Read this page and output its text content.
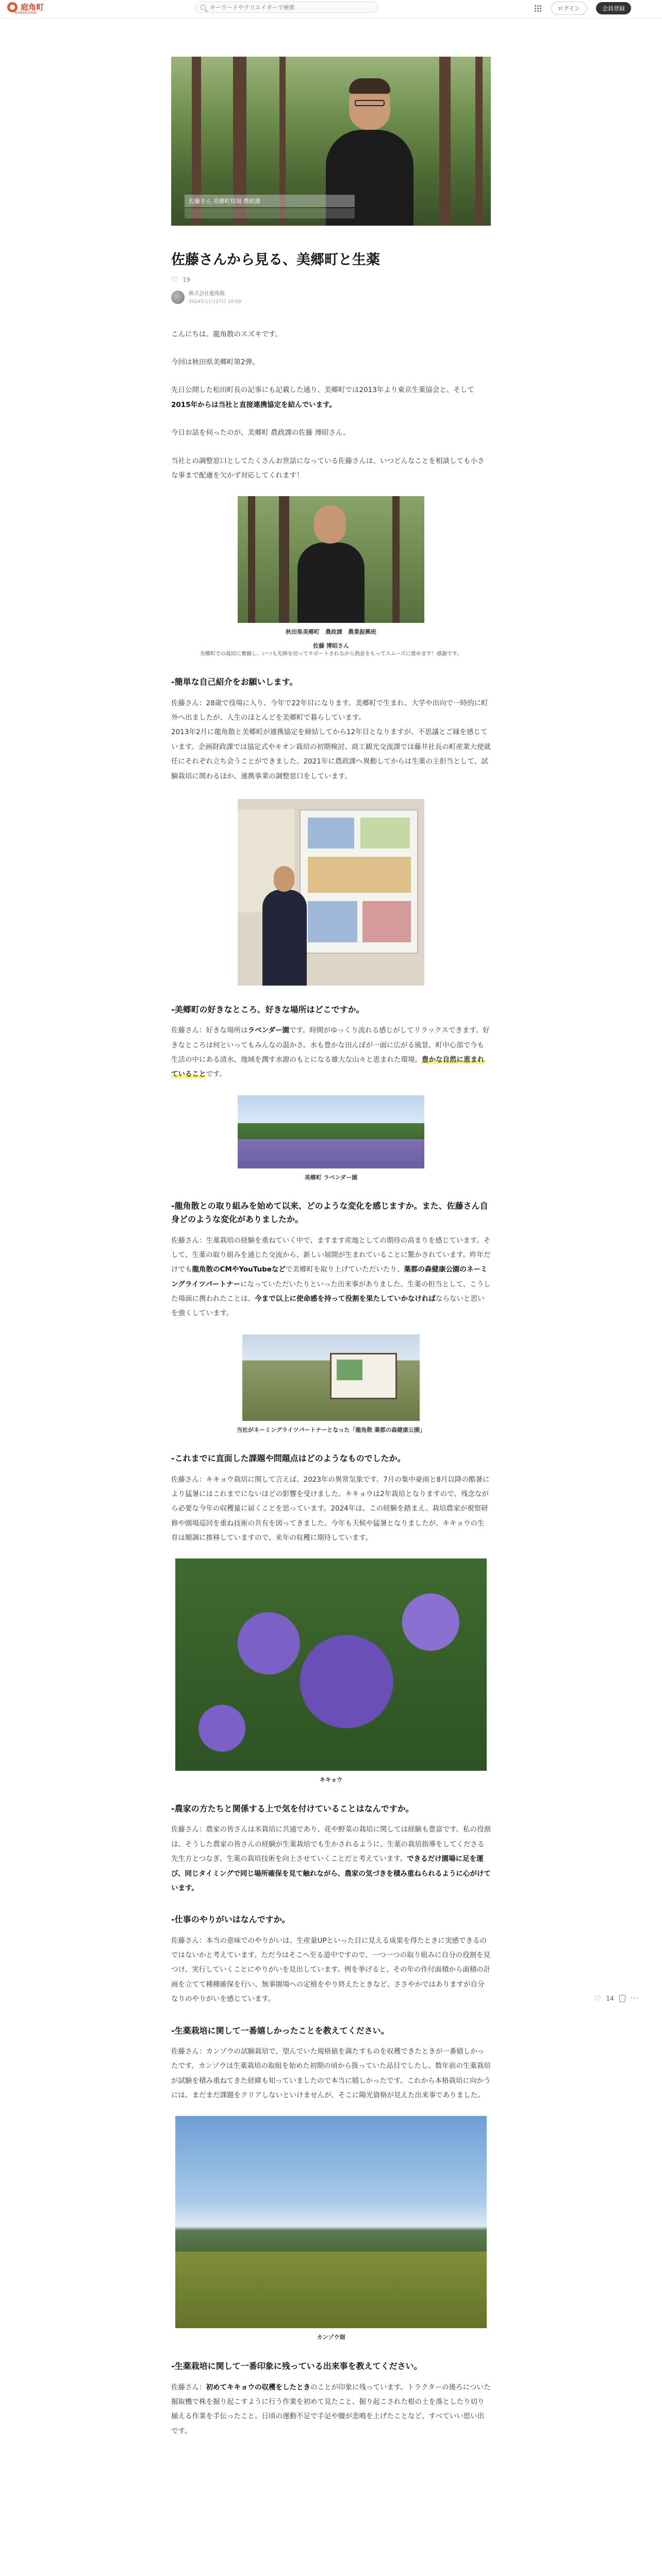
庭角町
NIWAKUMA
キーワードやクリエイターで検索
ログイン	会員登録
佐藤さん 美郷町役場 農政課
佐藤さんから見る、美郷町と生薬
♡ 19
株式会社龍角散
2024年11月27日 10:00

こんにちは。龍角散のスズキです。

今回は秋田県美郷町第2弾。

先日公開した松田町長の記事にも記載した通り、美郷町では2013年より東京生薬協会と、そして2015年からは当社と直接連携協定を結んでいます。

今日お話を伺ったのが、美郷町 農政課の佐藤 博昭さん。

当社との調整窓口としてたくさんお世話になっている佐藤さんは、いつどんなことを相談しても小さな事まで配慮を欠かず対応してくれます！

秋田県美郷町　農政課　農業振興班
佐藤 博昭さん
美郷町での栽培に奮闘し、いつも先陣を切ってサポートされながら熱意をもってスムーズに進めます！感謝です。
-簡単な自己紹介をお願いします。

佐藤さん：28歳で役場に入り、今年で22年目になります。美郷町で生まれ、大学や出向で一時的に町外へ出ましたが、人生のほとんどを美郷町で暮らしています。

2013年2月に龍角散と美郷町が連携協定を締結してから12年目となりますが、不思議とご縁を感じています。企画財政課では協定式やキオン栽培の初期検討、商工観光交流課では藤井社長の町産業大使就任にそれぞれ立ち会うことができました。2021年に農政課へ異動してからは生薬の主担当として、試験栽培に関わるほか、連携事業の調整窓口をしています。

-美郷町の好きなところ、好きな場所はどこですか。

佐藤さん：好きな場所はラベンダー園です。時間がゆっくり流れる感じがしてリラックスできます。好きなところは何といってもみんなの温かさ。水も豊かな田んぼが一面に広がる風景、町中心部で今も生活の中にある清水、地域を潤す水源のもとになる雄大な山々と恵まれた環境。豊かな自然に恵まれていることです。

美郷町 ラベンダー園
-龍角散との取り組みを始めて以来、どのような変化を感じますか。また、佐藤さん自身どのような変化がありましたか。

佐藤さん：生薬栽培の経験を重ねていく中で、ますます産地としての期待の高まりを感じています。そして、生薬の取り組みを通じた交流から、新しい展開が生まれていることに驚かされています。昨年だけでも龍角散のCMやYouTubeなどで美郷町を取り上げていただいたり、薬都の森健康公園のネーミングライツパートナーになっていただいたりといった出来事がありました。生薬の担当として、こうした場面に携われたことは、今まで以上に使命感を持って役割を果たしていかなければならないと思いを強くしています。

当社がネーミングライツパートナーとなった「龍角散 薬都の森健康公園」
-これまでに直面した課題や問題点はどのようなものでしたか。

佐藤さん：キキョウ栽培に関して言えば、2023年の異常気象です。7月の集中豪雨と8月以降の酷暑により猛暑にはこれまでにないほどの影響を受けました。キキョウは2年栽培となりますので、残念ながら必要な今年の収穫量に届くことを思っています。2024年は、この経験を踏まえ、栽培農家が視察研修や園場巡回を重ね技術の共有を図ってきました。今年も天候や猛暑となりましたが、キキョウの生育は順調に推移していますので、来年の収穫に期待しています。

キキョウ
-農家の方たちと関係する上で気を付けていることはなんですか。

佐藤さん：農家の皆さんは米栽培に共通であり、花や野菜の栽培に関しては経験も豊富です。私の役割は、そうした農家の皆さんの経験が生薬栽培でも生かされるように、生薬の栽培指導をしてくださる先生方とつなぎ、生薬の栽培技術を向上させていくことだと考えています。できるだけ園場に足を運び、同じタイミングで同じ場所確保を見て触れながら、農家の気づきを積み重ねられるように心がけています。

-仕事のやりがいはなんですか。

佐藤さん：本当の意味でのやりがいは、生産量UPといった目に見える成果を得たときに実感できるのではないかと考えています。ただ今はそこへ至る道中ですので、一つ一つの取り組みに自分の役割を見つけ、実行していくことにやりがいを見出しています。例を挙げると、その年の作付面積から面積の計画を立てて種種確保を行い、無事園場への定植をやり終えたときなど、ささやかではありますが自分なりのやりがいを感じています。

-生薬栽培に関して一番嬉しかったことを教えてください。

佐藤さん：カンゾウの試験栽培で、望んでいた規格値を満たすものを収穫できたときが一番嬉しかったです。カンゾウは生薬栽培の取組を始めた初期の頃から扱っていた品目でしたし、数年前の生薬栽培が試験を積み重ねてきた経緯も知っていましたので本当に嬉しかったです。これから本格栽培に向かうには、まだまだ課題をクリアしないといけませんが、そこに陽光資格が見えた出来事でありました。

カンゾウ畑
-生薬栽培に関して一番印象に残っている出来事を教えてください。

佐藤さん：初めてキキョウの収穫をしたときのことが印象に残っています。トラクターの後ろについた掘取機で株を掘り起こすように行う作業を初めて見たこと、掘り起こされた根の土を落としたり切り揃える作業を手伝ったこと。日頃の運動不足で手足や腰が悲鳴を上げたことなど、すべていい思い出です。

♡ 14 ···
